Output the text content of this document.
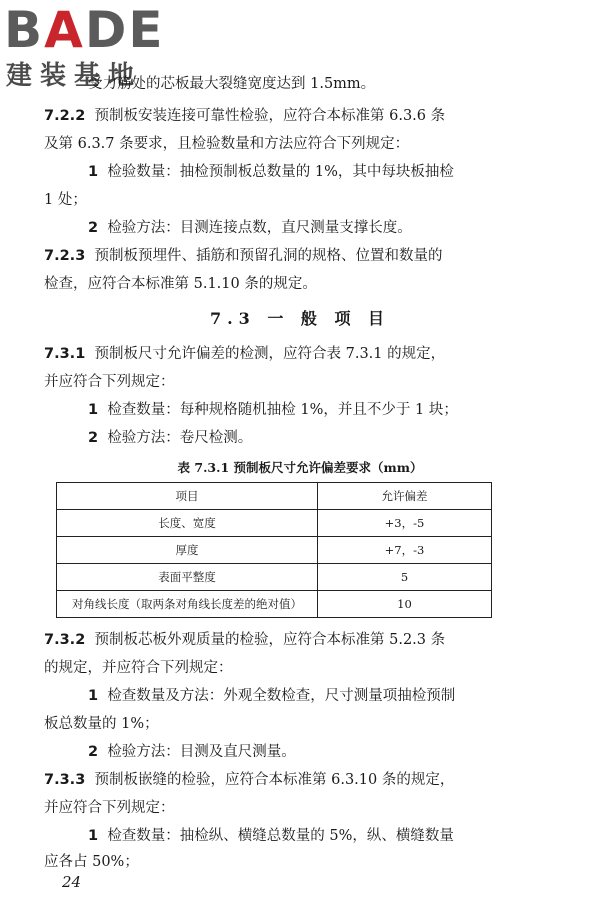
BADE
建装基地
受力筋处的芯板最大裂缝宽度达到 1.5mm。
7.2.2 预制板安装连接可靠性检验，应符合本标准第 6.3.6 条
及第 6.3.7 条要求，且检验数量和方法应符合下列规定：
1 检验数量：抽检预制板总数量的 1%，其中每块板抽检
1 处；
2 检验方法：目测连接点数，直尺测量支撑长度。
7.2.3 预制板预埋件、插筋和预留孔洞的规格、位置和数量的
检查，应符合本标准第 5.1.10 条的规定。
7.3 一 般 项 目
7.3.1 预制板尺寸允许偏差的检测，应符合表 7.3.1 的规定，
并应符合下列规定：
1 检查数量：每种规格随机抽检 1%，并且不少于 1 块；
2 检验方法：卷尺检测。
表 7.3.1 预制板尺寸允许偏差要求（mm）
项目	允许偏差
长度、宽度	+3，-5
厚度	+7，-3
表面平整度	5
对角线长度（取两条对角线长度差的绝对值）	10
7.3.2 预制板芯板外观质量的检验，应符合本标准第 5.2.3 条
的规定，并应符合下列规定：
1 检查数量及方法：外观全数检查，尺寸测量项抽检预制
板总数量的 1%；
2 检验方法：目测及直尺测量。
7.3.3 预制板嵌缝的检验，应符合本标准第 6.3.10 条的规定，
并应符合下列规定：
1 检查数量：抽检纵、横缝总数量的 5%，纵、横缝数量
应各占 50%；
24
